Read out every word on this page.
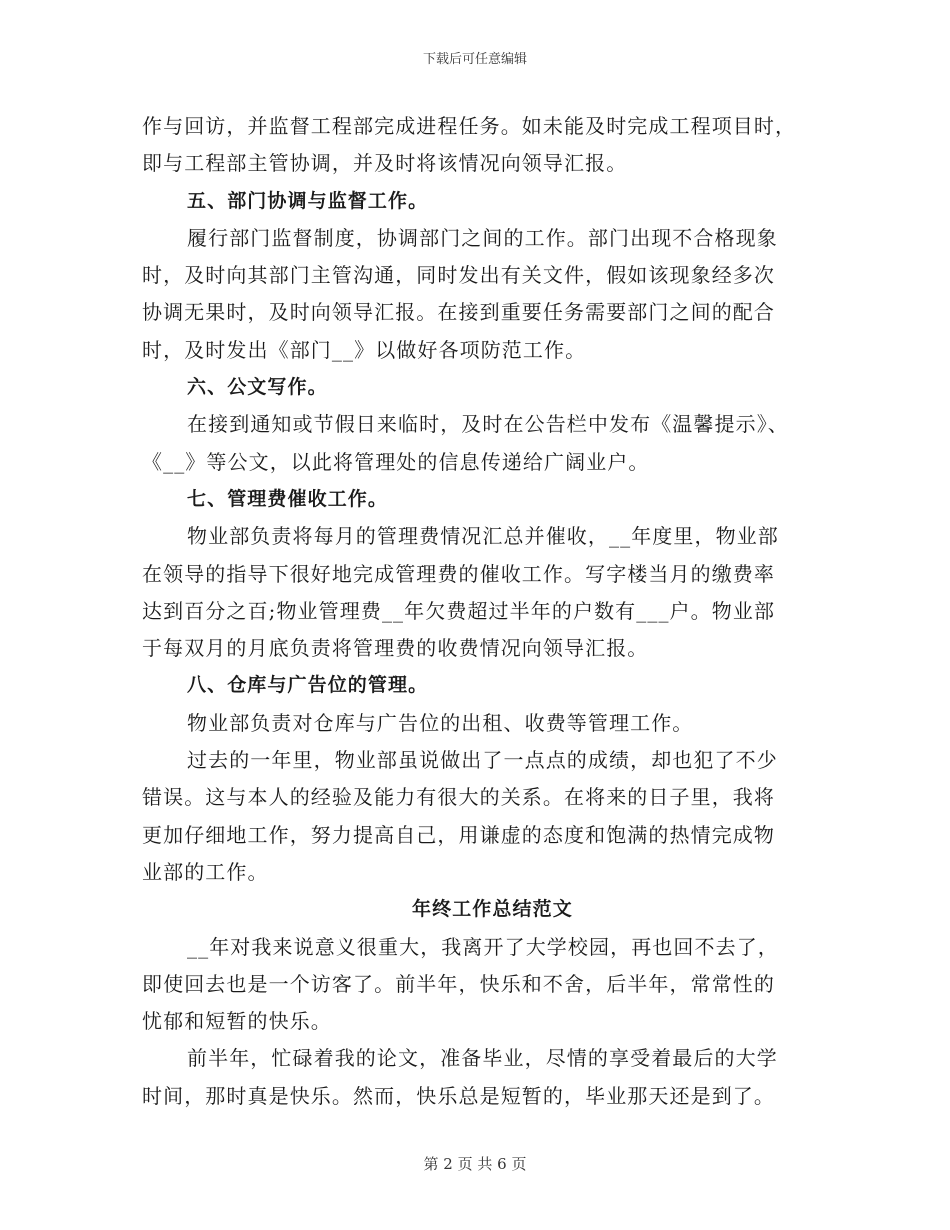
下载后可任意编辑
作与回访，并监督工程部完成进程任务。如未能及时完成工程项目时，
即与工程部主管协调，并及时将该情况向领导汇报。
五、部门协调与监督工作。
履行部门监督制度，协调部门之间的工作。部门出现不合格现象
时，及时向其部门主管沟通，同时发出有关文件，假如该现象经多次
协调无果时，及时向领导汇报。在接到重要任务需要部门之间的配合
时，及时发出《部门__》以做好各项防范工作。
六、公文写作。
在接到通知或节假日来临时，及时在公告栏中发布《温馨提示》、
《__》等公文，以此将管理处的信息传递给广阔业户。
七、管理费催收工作。
物业部负责将每月的管理费情况汇总并催收，__年度里，物业部
在领导的指导下很好地完成管理费的催收工作。写字楼当月的缴费率
达到百分之百;物业管理费__年欠费超过半年的户数有___户。物业部
于每双月的月底负责将管理费的收费情况向领导汇报。
八、仓库与广告位的管理。
物业部负责对仓库与广告位的出租、收费等管理工作。
过去的一年里，物业部虽说做出了一点点的成绩，却也犯了不少
错误。这与本人的经验及能力有很大的关系。在将来的日子里，我将
更加仔细地工作，努力提高自己，用谦虚的态度和饱满的热情完成物
业部的工作。
年终工作总结范文
__年对我来说意义很重大，我离开了大学校园，再也回不去了，
即使回去也是一个访客了。前半年，快乐和不舍，后半年，常常性的
忧郁和短暂的快乐。
前半年，忙碌着我的论文，准备毕业，尽情的享受着最后的大学
时间，那时真是快乐。然而，快乐总是短暂的，毕业那天还是到了。
第 2 页 共 6 页
